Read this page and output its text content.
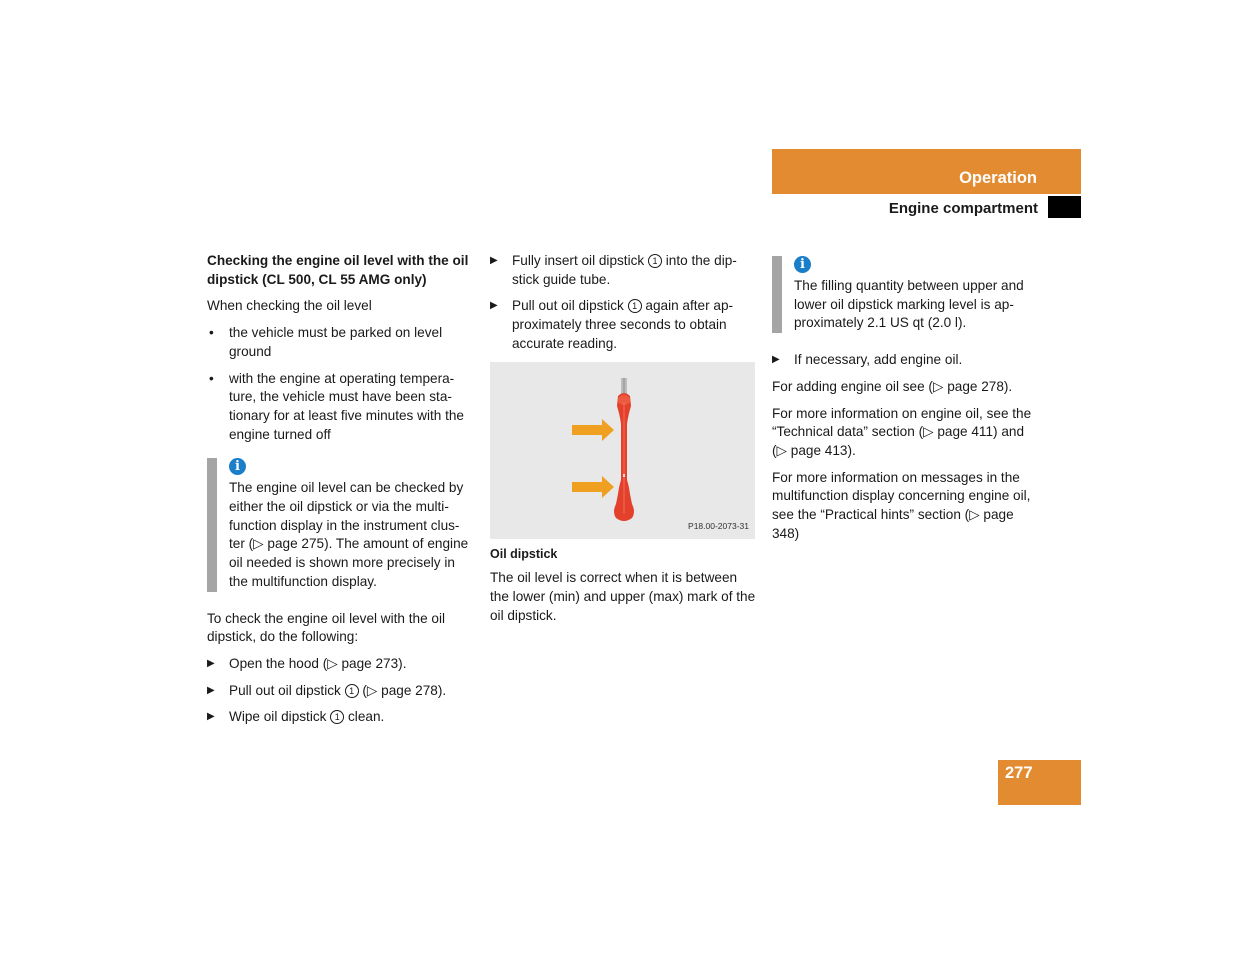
Operation
Engine compartment

Checking the engine oil level with the oil dipstick (CL 500, CL 55 AMG only)

When checking the oil level

• the vehicle must be parked on level ground
• with the engine at operating tempera-ture, the vehicle must have been sta-tionary for at least five minutes with the engine turned off
i
The engine oil level can be checked by either the oil dipstick or via the multi-function display in the instrument clus-ter (▷ page 275). The amount of engine oil needed is shown more precisely in the multifunction display.

To check the engine oil level with the oil dipstick, do the following:

▶ Open the hood (▷ page 273).
▶ Pull out oil dipstick 1 (▷ page 278).
▶ Wipe oil dipstick 1 clean.
▶ Fully insert oil dipstick 1 into the dip-stick guide tube.
▶ Pull out oil dipstick 1 again after ap-proximately three seconds to obtain accurate reading.
P18.00-2073-31

Oil dipstick

The oil level is correct when it is between the lower (min) and upper (max) mark of the oil dipstick.

i
The filling quantity between upper and lower oil dipstick marking level is ap-proximately 2.1 US qt (2.0 l).
▶ If necessary, add engine oil.

For adding engine oil see (▷ page 278).

For more information on engine oil, see the “Technical data” section (▷ page 411) and (▷ page 413).

For more information on messages in the multifunction display concerning engine oil, see the “Practical hints” section (▷ page 348)

277
